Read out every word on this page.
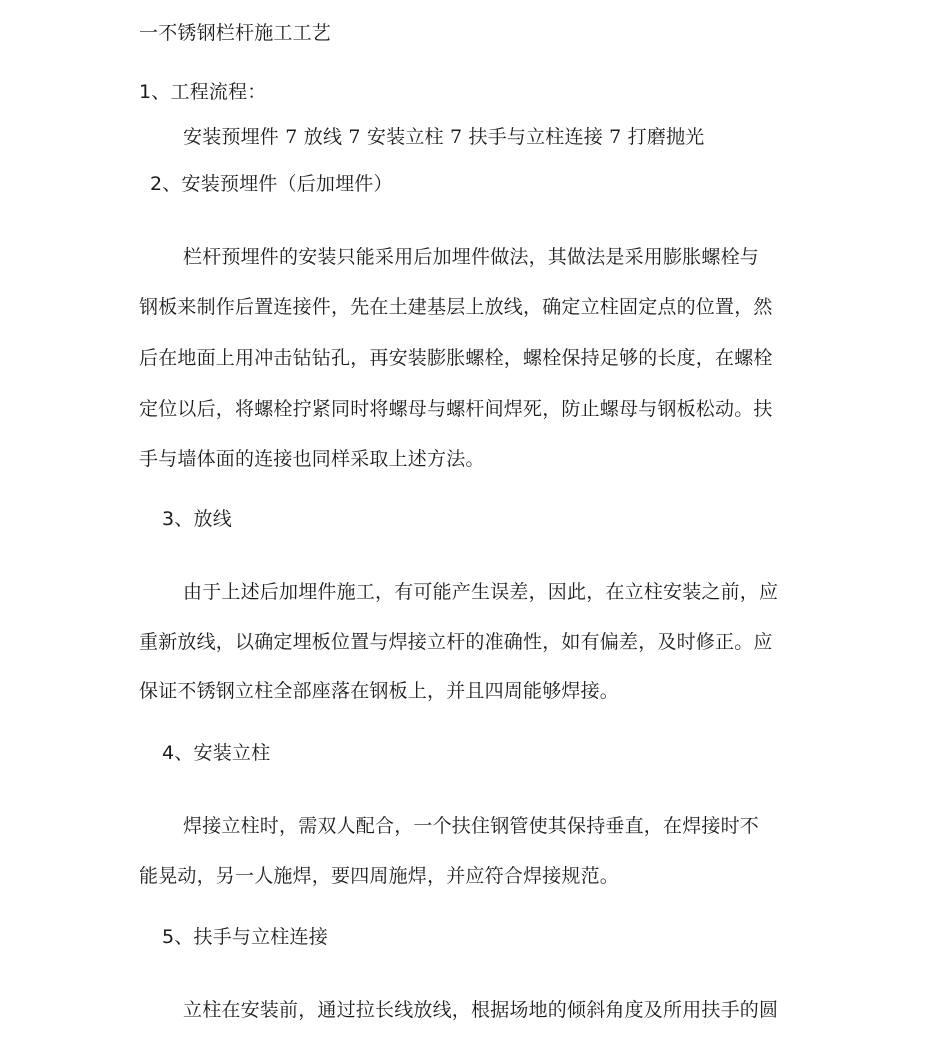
一不锈钢栏杆施工工艺
1、工程流程：
安装预埋件 7 放线 7 安装立柱 7 扶手与立柱连接 7 打磨抛光
2、安装预埋件（后加埋件）
栏杆预埋件的安装只能采用后加埋件做法，其做法是采用膨胀螺栓与
钢板来制作后置连接件，先在土建基层上放线，确定立柱固定点的位置，然
后在地面上用冲击钻钻孔，再安装膨胀螺栓，螺栓保持足够的长度，在螺栓
定位以后，将螺栓拧紧同时将螺母与螺杆间焊死，防止螺母与钢板松动。扶
手与墙体面的连接也同样采取上述方法。
3、放线
由于上述后加埋件施工，有可能产生误差，因此，在立柱安装之前，应
重新放线，以确定埋板位置与焊接立杆的准确性，如有偏差，及时修正。应
保证不锈钢立柱全部座落在钢板上，并且四周能够焊接。
4、安装立柱
焊接立柱时，需双人配合，一个扶住钢管使其保持垂直，在焊接时不
能晃动，另一人施焊，要四周施焊，并应符合焊接规范。
5、扶手与立柱连接
立柱在安装前，通过拉长线放线，根据场地的倾斜角度及所用扶手的圆
